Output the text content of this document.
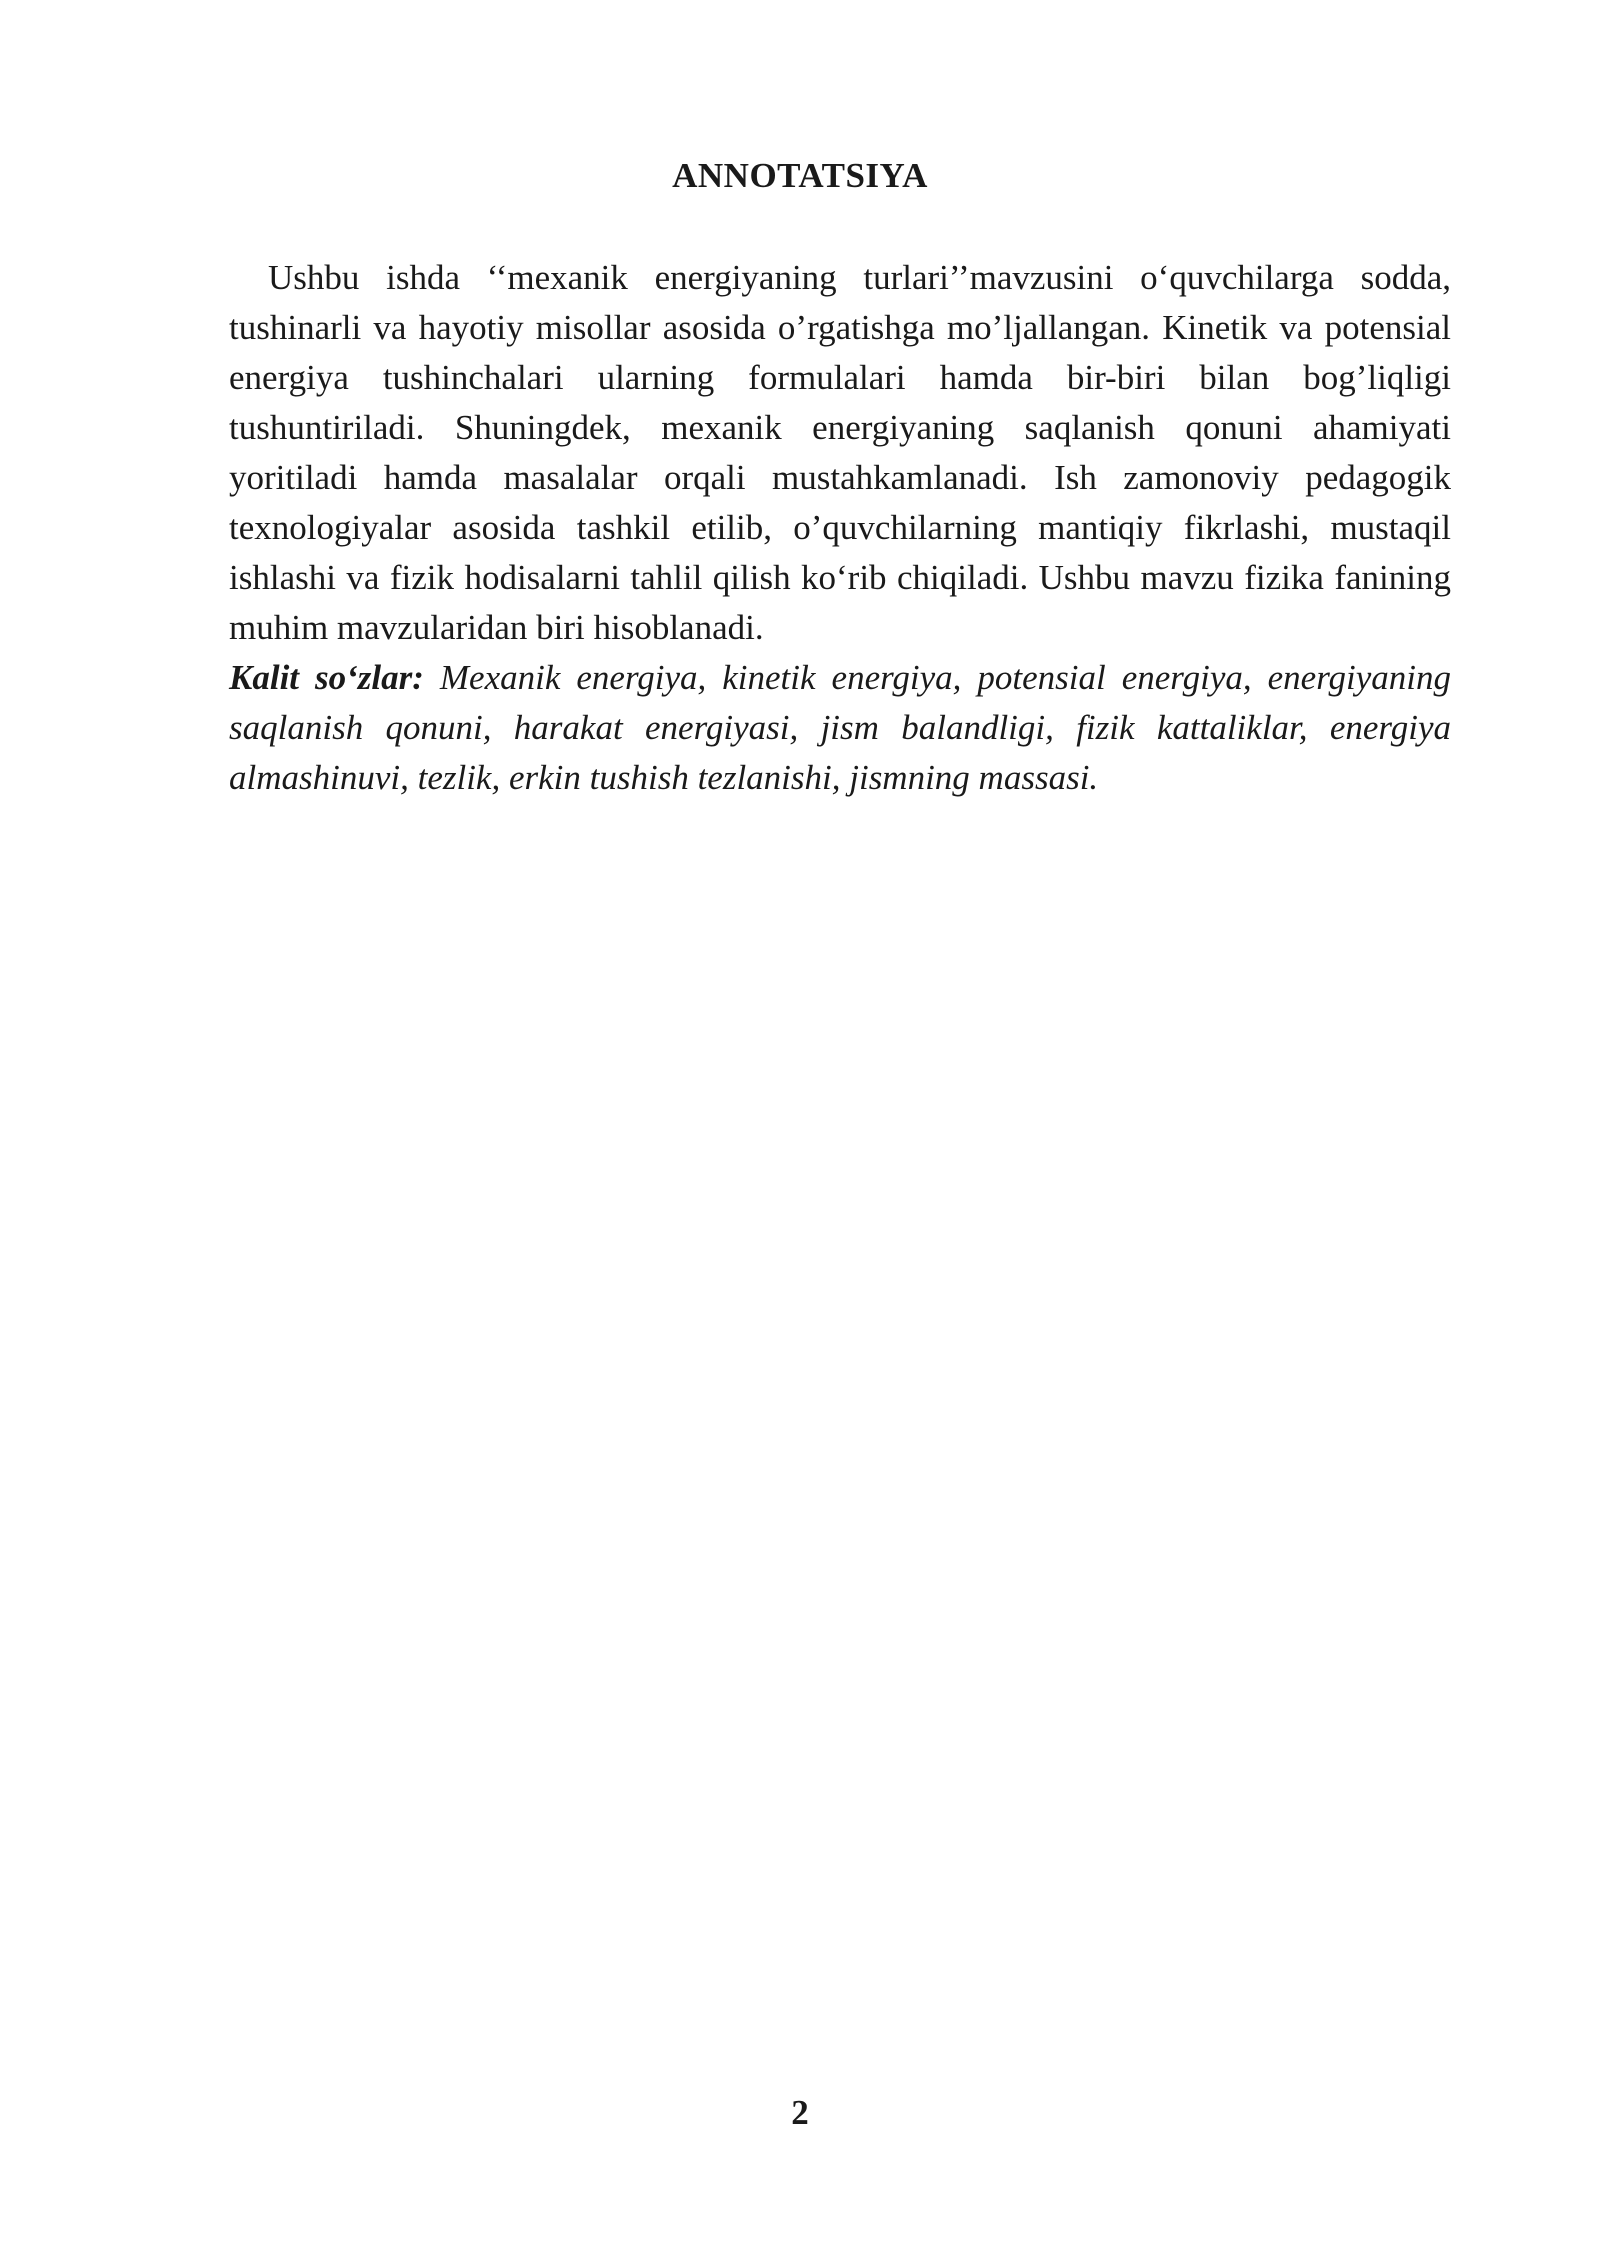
ANNOTATSIYA

Ushbu ishda ‘‘mexanik energiyaning turlari’’mavzusini o‘quvchilarga sodda, tushinarli va hayotiy misollar asosida o’rgatishga mo’ljallangan. Kinetik va potensial energiya tushinchalari ularning formulalari hamda bir-biri bilan bog’liqligi tushuntiriladi. Shuningdek, mexanik energiyaning saqlanish qonuni ahamiyati yoritiladi hamda masalalar orqali mustahkamlanadi. Ish zamonoviy pedagogik texnologiyalar asosida tashkil etilib, o’quvchilarning mantiqiy fikrlashi, mustaqil ishlashi va fizik hodisalarni tahlil qilish ko‘rib chiqiladi. Ushbu mavzu fizika fanining muhim mavzularidan biri hisoblanadi.

Kalit so‘zlar: Mexanik energiya, kinetik energiya, potensial energiya, energiyaning saqlanish qonuni, harakat energiyasi, jism balandligi, fizik kattaliklar, energiya almashinuvi, tezlik, erkin tushish tezlanishi, jismning massasi.

2
